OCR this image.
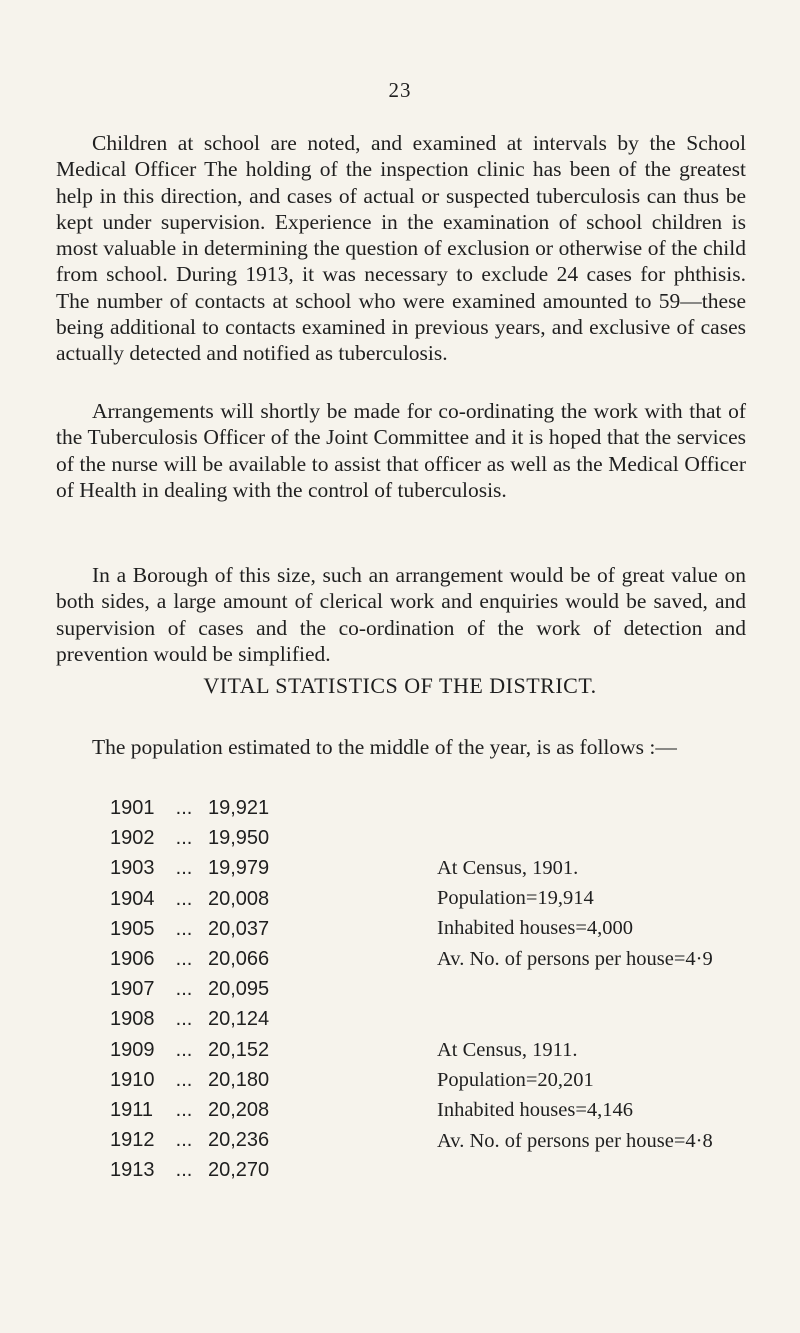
23

Children at school are noted, and examined at intervals by the School Medical Officer The holding of the inspection clinic has been of the greatest help in this direction, and cases of actual or suspected tuberculosis can thus be kept under supervision. Experience in the examination of school children is most valuable in determining the question of exclusion or otherwise of the child from school. During 1913, it was necessary to exclude 24 cases for phthisis. The number of contacts at school who were examined amounted to 59—these being additional to contacts examined in previous years, and exclusive of cases actually detected and notified as tuberculosis.

Arrangements will shortly be made for co-ordinating the work with that of the Tuberculosis Officer of the Joint Committee and it is hoped that the services of the nurse will be available to assist that officer as well as the Medical Officer of Health in dealing with the control of tuberculosis.

In a Borough of this size, such an arrangement would be of great value on both sides, a large amount of clerical work and enquiries would be saved, and supervision of cases and the co-ordination of the work of detection and prevention would be simplified.

VITAL STATISTICS OF THE DISTRICT.

The population estimated to the middle of the year, is as follows :—

1901 ... 19,921
1902 ... 19,950
1903 ... 19,979
1904 ... 20,008
1905 ... 20,037
1906 ... 20,066
1907 ... 20,095
1908 ... 20,124
1909 ... 20,152
1910 ... 20,180
1911 ... 20,208
1912 ... 20,236
1913 ... 20,270
At Census, 1901.
Population=19,914
Inhabited houses=4,000
Av. No. of persons per house=4·9
At Census, 1911.
Population=20,201
Inhabited houses=4,146
Av. No. of persons per house=4·8
